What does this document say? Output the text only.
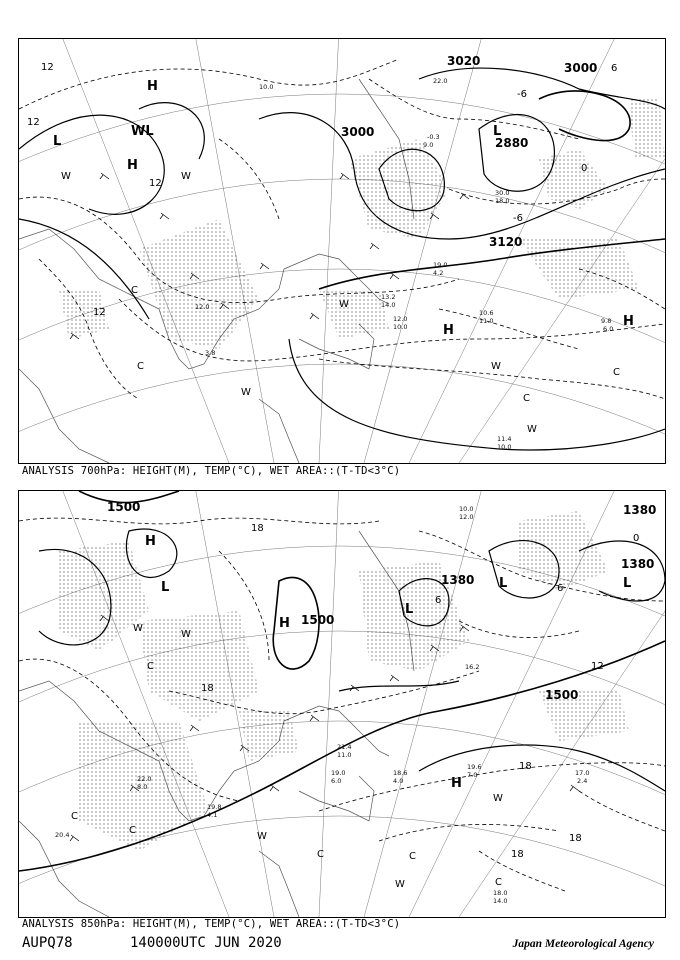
3000
3020	3000
2880
3120
12
12
12
12
0
-6
-6
6
H
L
L
H
H
H
W	W
WL
C
C
W
W
W
C
C
W
10.6
11.0	9.8
6.0
11.4
10.0
13.2
14.0
12.0
10.0
19.0
4.2
30.0
18.0
-0.3
9.0
22.0
10.0
12.0
3.8
ANALYSIS 700hPa: HEIGHT(M), TEMP(°C), WET AREA::(T-TD<3°C)
1500
1500
1380
1380
1500
1380
18
18
18
18
18
12
6
0
6
H
L
H
L
L
H
L
W
W
C
W
C	C
W
C
C
W
C
19.6
7.0	17.0
2.4
18.6
4.0
21.4
11.0
19.0
6.0
19.8
4.1
22.0
8.0
20.4
18.0
14.0
10.0
12.0
16.2
ANALYSIS 850hPa: HEIGHT(M), TEMP(°C), WET AREA::(T-TD<3°C)
AUPQ78	140000UTC JUN 2020	Japan Meteorological Agency
